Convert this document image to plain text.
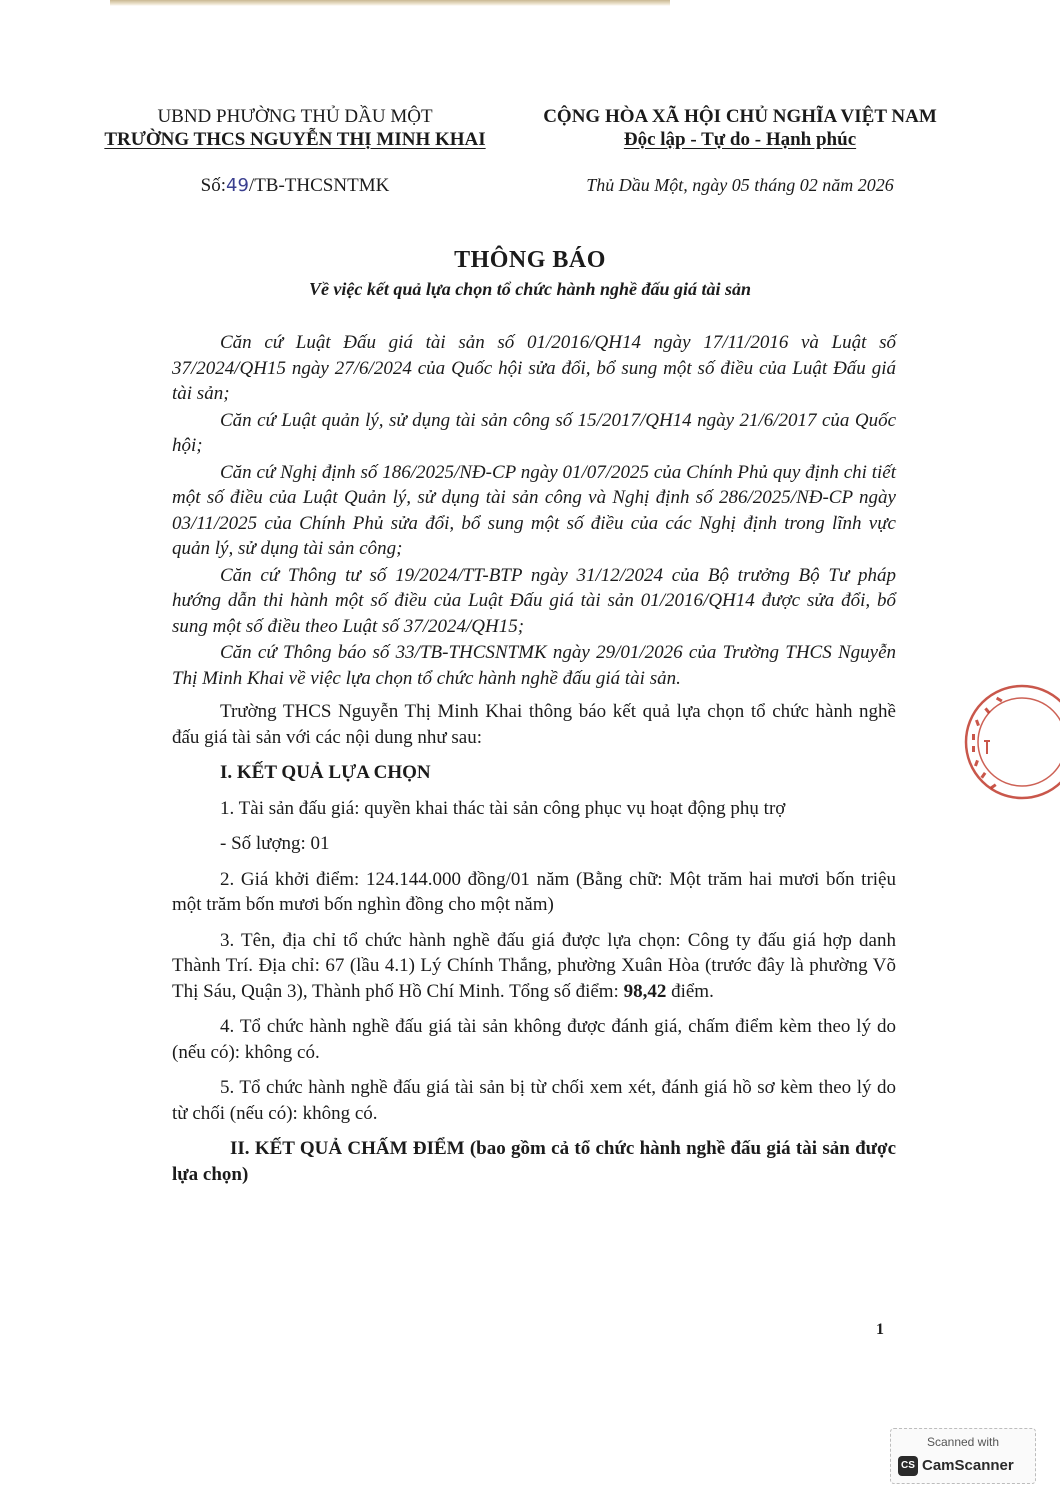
UBND PHƯỜNG THỦ DẦU MỘT
TRƯỜNG THCS NGUYỄN THỊ MINH KHAI
CỘNG HÒA XÃ HỘI CHỦ NGHĨA VIỆT NAM
Độc lập - Tự do - Hạnh phúc
Số:49/TB-THCSNTMK	Thủ Dầu Một, ngày 05 tháng 02 năm 2026
THÔNG BÁO
Về việc kết quả lựa chọn tổ chức hành nghề đấu giá tài sản

Căn cứ Luật Đấu giá tài sản số 01/2016/QH14 ngày 17/11/2016 và Luật số 37/2024/QH15 ngày 27/6/2024 của Quốc hội sửa đổi, bổ sung một số điều của Luật Đấu giá tài sản;

Căn cứ Luật quản lý, sử dụng tài sản công số 15/2017/QH14 ngày 21/6/2017 của Quốc hội;

Căn cứ Nghị định số 186/2025/NĐ-CP ngày 01/07/2025 của Chính Phủ quy định chi tiết một số điều của Luật Quản lý, sử dụng tài sản công và Nghị định số 286/2025/NĐ-CP ngày 03/11/2025 của Chính Phủ sửa đổi, bổ sung một số điều của các Nghị định trong lĩnh vực quản lý, sử dụng tài sản công;

Căn cứ Thông tư số 19/2024/TT-BTP ngày 31/12/2024 của Bộ trưởng Bộ Tư pháp hướng dẫn thi hành một số điều của Luật Đấu giá tài sản 01/2016/QH14 được sửa đổi, bổ sung một số điều theo Luật số 37/2024/QH15;

Căn cứ Thông báo số 33/TB-THCSNTMK ngày 29/01/2026 của Trường THCS Nguyễn Thị Minh Khai về việc lựa chọn tổ chức hành nghề đấu giá tài sản.

Trường THCS Nguyễn Thị Minh Khai thông báo kết quả lựa chọn tổ chức hành nghề đấu giá tài sản với các nội dung như sau:

I. KẾT QUẢ LỰA CHỌN

1. Tài sản đấu giá: quyền khai thác tài sản công phục vụ hoạt động phụ trợ

- Số lượng: 01

2. Giá khởi điểm: 124.144.000 đồng/01 năm (Bằng chữ: Một trăm hai mươi bốn triệu một trăm bốn mươi bốn nghìn đồng cho một năm)

3. Tên, địa chỉ tổ chức hành nghề đấu giá được lựa chọn: Công ty đấu giá hợp danh Thành Trí. Địa chỉ: 67 (lầu 4.1) Lý Chính Thắng, phường Xuân Hòa (trước đây là phường Võ Thị Sáu, Quận 3), Thành phố Hồ Chí Minh. Tổng số điểm: 98,42 điểm.

4. Tổ chức hành nghề đấu giá tài sản không được đánh giá, chấm điểm kèm theo lý do (nếu có): không có.

5. Tổ chức hành nghề đấu giá tài sản bị từ chối xem xét, đánh giá hồ sơ kèm theo lý do từ chối (nếu có): không có.

II. KẾT QUẢ CHẤM ĐIỂM (bao gồm cả tổ chức hành nghề đấu giá tài sản được lựa chọn)

1
Scanned with
CS CamScanner
